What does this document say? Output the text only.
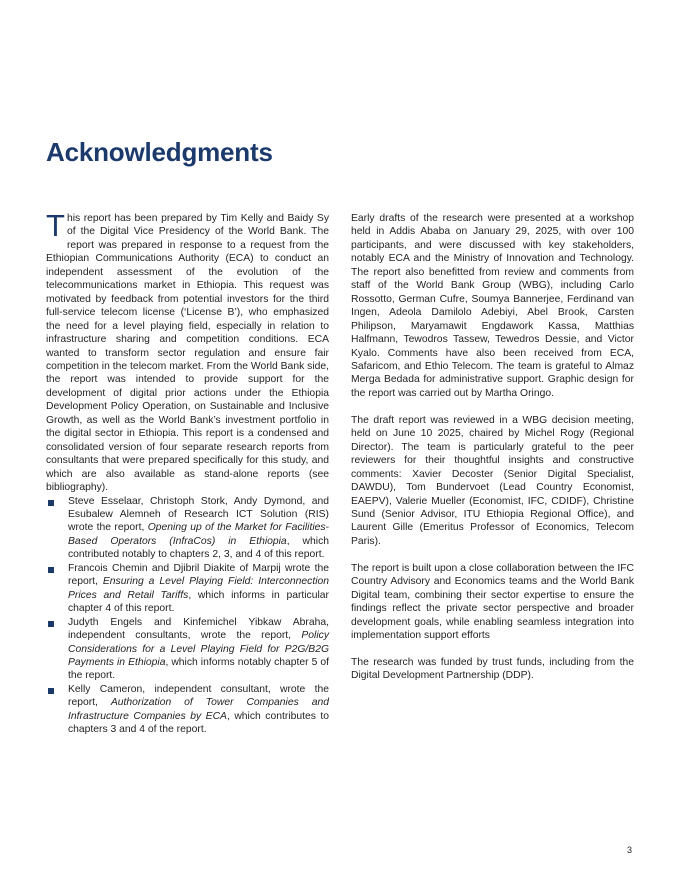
Acknowledgments

This report has been prepared by Tim Kelly and Baidy Sy of the Digital Vice Presidency of the World Bank. The report was prepared in response to a request from the Ethiopian Communications Authority (ECA) to conduct an independent assessment of the evolution of the telecommunications market in Ethiopia. This request was motivated by feedback from potential investors for the third full-service telecom license (‘License B’), who emphasized the need for a level playing field, especially in relation to infrastructure sharing and competition conditions. ECA wanted to transform sector regulation and ensure fair competition in the telecom market. From the World Bank side, the report was intended to provide support for the development of digital prior actions under the Ethiopia Development Policy Operation, on Sustainable and Inclusive Growth, as well as the World Bank’s investment portfolio in the digital sector in Ethiopia. This report is a condensed and consolidated version of four separate research reports from consultants that were prepared specifically for this study, and which are also available as stand-alone reports (see bibliography).

Steve Esselaar, Christoph Stork, Andy Dymond, and Esubalew Alemneh of Research ICT Solution (RIS) wrote the report, Opening up of the Market for Facilities-Based Operators (InfraCos) in Ethiopia, which contributed notably to chapters 2, 3, and 4 of this report.
Francois Chemin and Djibril Diakite of Marpij wrote the report, Ensuring a Level Playing Field: Interconnection Prices and Retail Tariffs, which informs in particular chapter 4 of this report.
Judyth Engels and Kinfemichel Yibkaw Abraha, independent consultants, wrote the report, Policy Considerations for a Level Playing Field for P2G/B2G Payments in Ethiopia, which informs notably chapter 5 of the report.
Kelly Cameron, independent consultant, wrote the report, Authorization of Tower Companies and Infrastructure Companies by ECA, which contributes to chapters 3 and 4 of the report.

Early drafts of the research were presented at a workshop held in Addis Ababa on January 29, 2025, with over 100 participants, and were discussed with key stakeholders, notably ECA and the Ministry of Innovation and Technology. The report also benefitted from review and comments from staff of the World Bank Group (WBG), including Carlo Rossotto, German Cufre, Soumya Bannerjee, Ferdinand van Ingen, Adeola Damilolo Adebiyi, Abel Brook, Carsten Philipson, Maryamawit Engdawork Kassa, Matthias Halfmann, Tewodros Tassew, Tewedros Dessie, and Victor Kyalo. Comments have also been received from ECA, Safaricom, and Ethio Telecom. The team is grateful to Almaz Merga Bedada for administrative support. Graphic design for the report was carried out by Martha Oringo.

The draft report was reviewed in a WBG decision meeting, held on June 10 2025, chaired by Michel Rogy (Regional Director). The team is particularly grateful to the peer reviewers for their thoughtful insights and constructive comments: Xavier Decoster (Senior Digital Specialist, DAWDU), Tom Bundervoet (Lead Country Economist, EAEPV), Valerie Mueller (Economist, IFC, CDIDF), Christine Sund (Senior Advisor, ITU Ethiopia Regional Office), and Laurent Gille (Emeritus Professor of Economics, Telecom Paris).

The report is built upon a close collaboration between the IFC Country Advisory and Economics teams and the World Bank Digital team, combining their sector expertise to ensure the findings reflect the private sector perspective and broader development goals, while enabling seamless integration into implementation support efforts

The research was funded by trust funds, including from the Digital Development Partnership (DDP).

3
